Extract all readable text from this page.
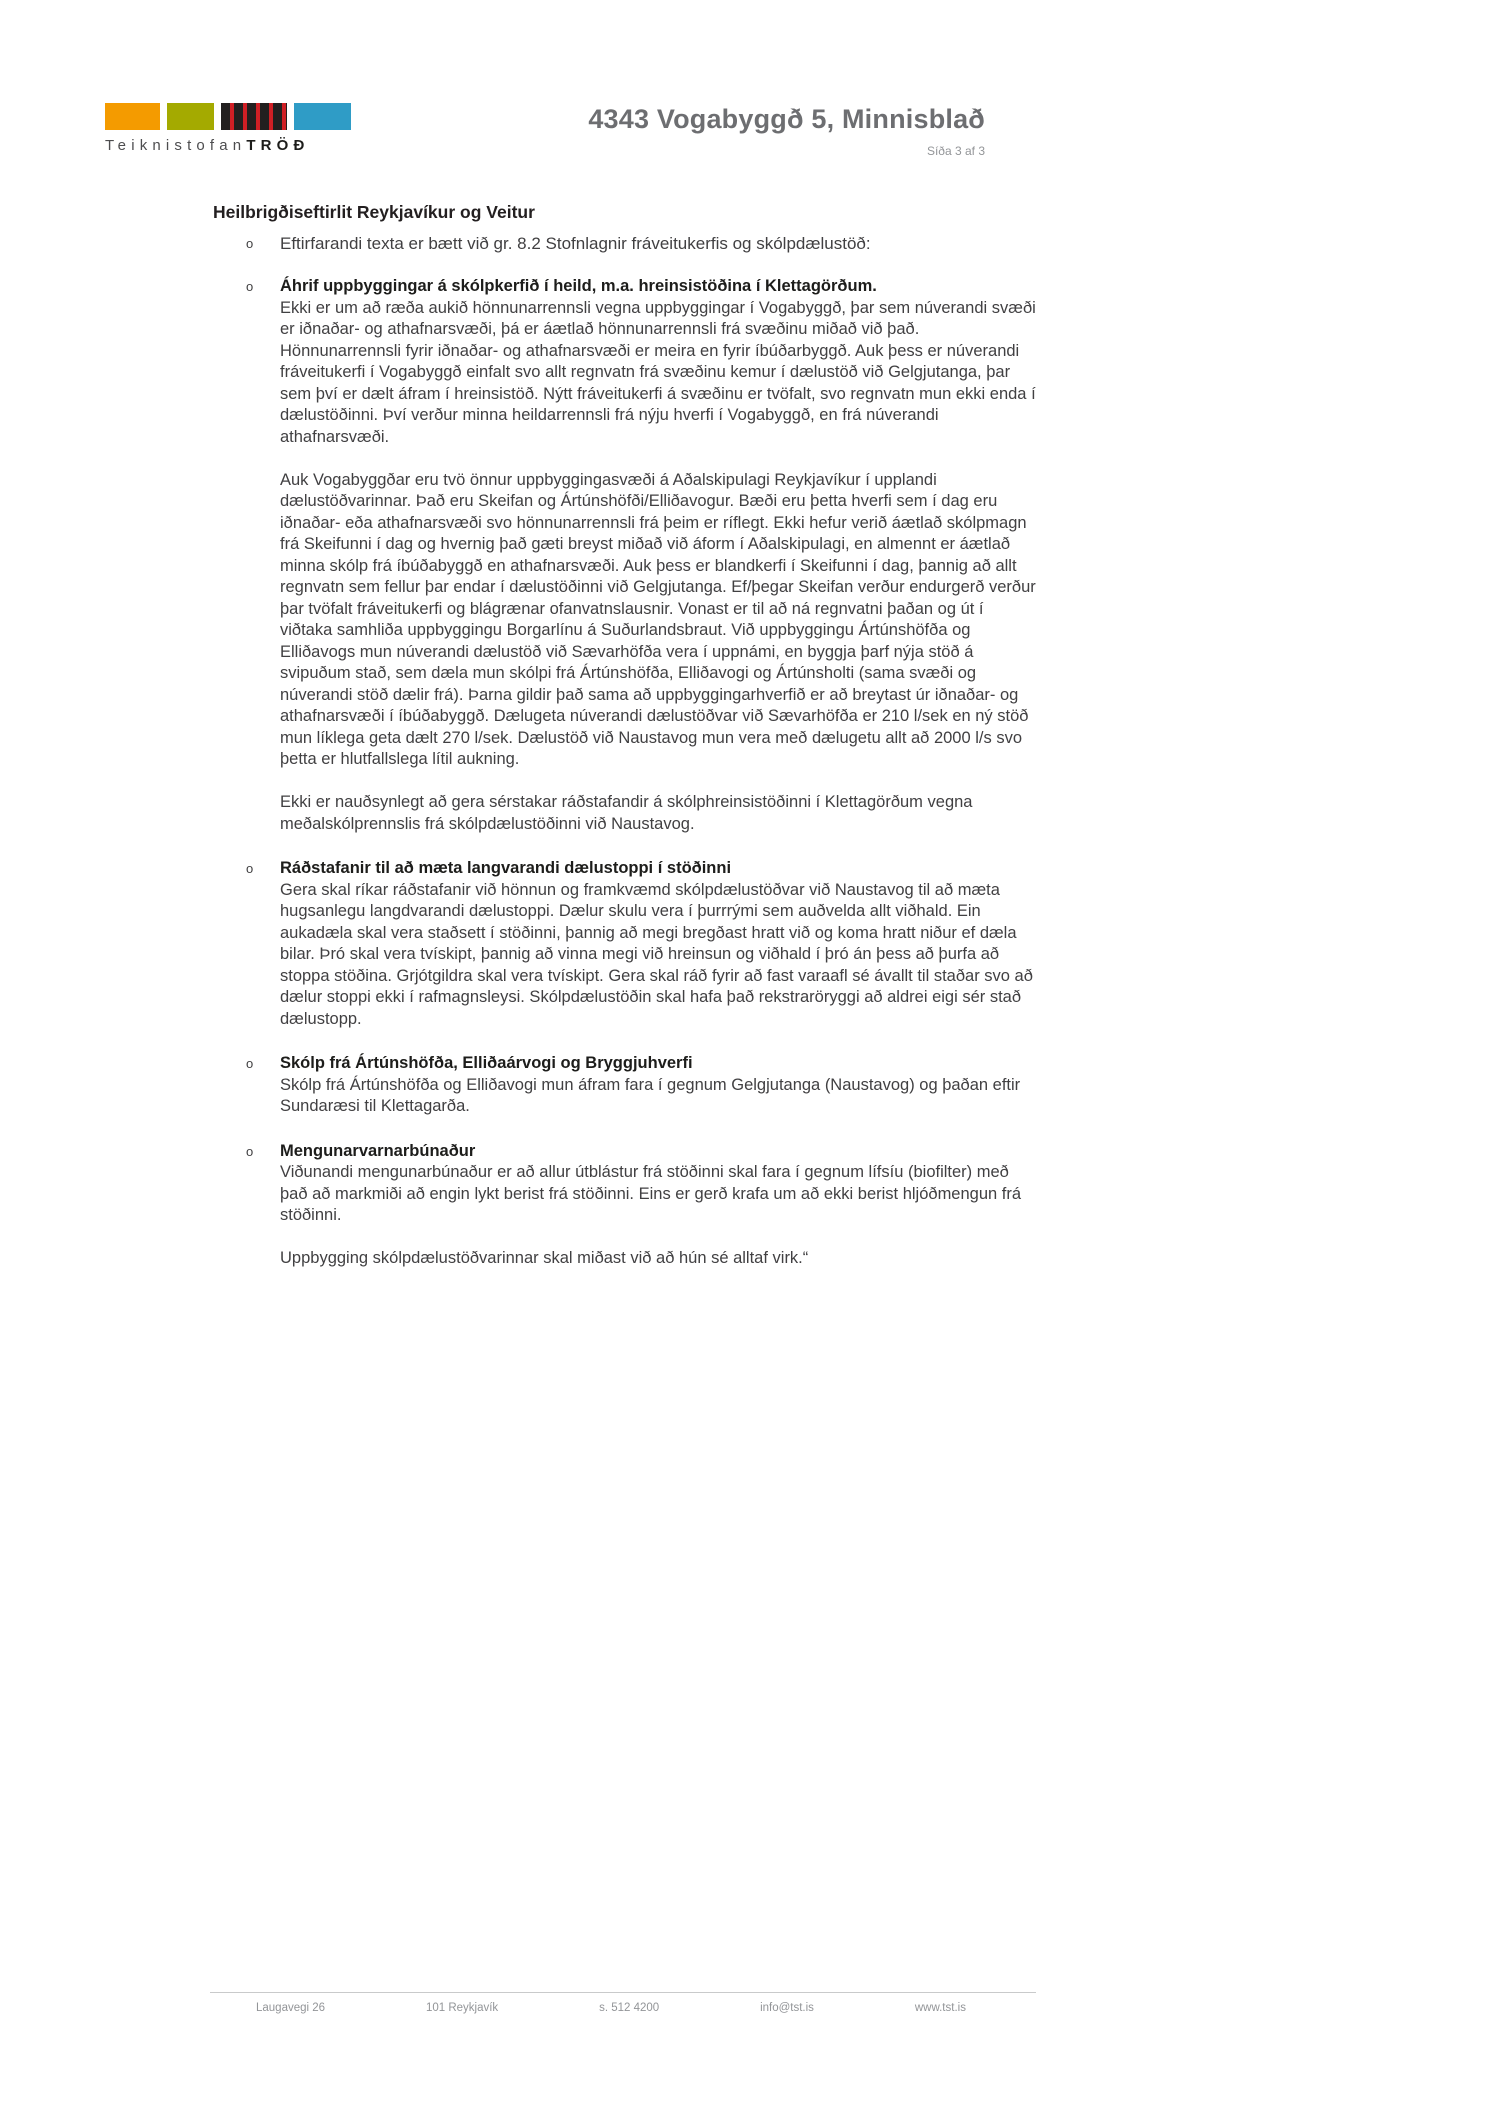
TeiknistofanTRÖÐ
4343 Vogabyggð 5, Minnisblað
Síða 3 af 3
Heilbrigðiseftirlit Reykjavíkur og Veitur
o	Eftirfarandi texta er bætt við gr. 8.2 Stofnlagnir fráveitukerfis og skólpdælustöð:
o	Áhrif uppbyggingar á skólpkerfið í heild, m.a. hreinsistöðina í Klettagörðum.

Ekki er um að ræða aukið hönnunarrennsli vegna uppbyggingar í Vogabyggð, þar sem núverandi svæði er iðnaðar- og athafnarsvæði, þá er áætlað hönnunarrennsli frá svæðinu miðað við það. Hönnunarrennsli fyrir iðnaðar- og athafnarsvæði er meira en fyrir íbúðarbyggð. Auk þess er núverandi fráveitukerfi í Vogabyggð einfalt svo allt regnvatn frá svæðinu kemur í dælustöð við Gelgjutanga, þar sem því er dælt áfram í hreinsistöð. Nýtt fráveitukerfi á svæðinu er tvöfalt, svo regnvatn mun ekki enda í dælustöðinni. Því verður minna heildarrennsli frá nýju hverfi í Vogabyggð, en frá núverandi athafnarsvæði.

Auk Vogabyggðar eru tvö önnur uppbyggingasvæði á Aðalskipulagi Reykjavíkur í upplandi dælustöðvarinnar. Það eru Skeifan og Ártúnshöfði/Elliðavogur. Bæði eru þetta hverfi sem í dag eru iðnaðar- eða athafnarsvæði svo hönnunarrennsli frá þeim er ríflegt. Ekki hefur verið áætlað skólpmagn frá Skeifunni í dag og hvernig það gæti breyst miðað við áform í Aðalskipulagi, en almennt er áætlað minna skólp frá íbúðabyggð en athafnarsvæði. Auk þess er blandkerfi í Skeifunni í dag, þannig að allt regnvatn sem fellur þar endar í dælustöðinni við Gelgjutanga. Ef/þegar Skeifan verður endurgerð verður þar tvöfalt fráveitukerfi og blágrænar ofanvatnslausnir. Vonast er til að ná regnvatni þaðan og út í viðtaka samhliða uppbyggingu Borgarlínu á Suðurlandsbraut. Við uppbyggingu Ártúnshöfða og Elliðavogs mun núverandi dælustöð við Sævarhöfða vera í uppnámi, en byggja þarf nýja stöð á svipuðum stað, sem dæla mun skólpi frá Ártúnshöfða, Elliðavogi og Ártúnsholti (sama svæði og núverandi stöð dælir frá). Þarna gildir það sama að uppbyggingarhverfið er að breytast úr iðnaðar- og athafnarsvæði í íbúðabyggð. Dælugeta núverandi dælustöðvar við Sævarhöfða er 210 l/sek en ný stöð mun líklega geta dælt 270 l/sek. Dælustöð við Naustavog mun vera með dælugetu allt að 2000 l/s svo þetta er hlutfallslega lítil aukning.

Ekki er nauðsynlegt að gera sérstakar ráðstafandir á skólphreinsistöðinni í Klettagörðum vegna meðalskólprennslis frá skólpdælustöðinni við Naustavog.

o	Ráðstafanir til að mæta langvarandi dælustoppi í stöðinni

Gera skal ríkar ráðstafanir við hönnun og framkvæmd skólpdælustöðvar við Naustavog til að mæta hugsanlegu langdvarandi dælustoppi. Dælur skulu vera í þurrrými sem auðvelda allt viðhald. Ein aukadæla skal vera staðsett í stöðinni, þannig að megi bregðast hratt við og koma hratt niður ef dæla bilar. Þró skal vera tvískipt, þannig að vinna megi við hreinsun og viðhald í þró án þess að þurfa að stoppa stöðina. Grjótgildra skal vera tvískipt. Gera skal ráð fyrir að fast varaafl sé ávallt til staðar svo að dælur stoppi ekki í rafmagnsleysi. Skólpdælustöðin skal hafa það rekstraröryggi að aldrei eigi sér stað dælustopp.

o	Skólp frá Ártúnshöfða, Elliðaárvogi og Bryggjuhverfi

Skólp frá Ártúnshöfða og Elliðavogi mun áfram fara í gegnum Gelgjutanga (Naustavog) og þaðan eftir Sundaræsi til Klettagarða.

o	Mengunarvarnarbúnaður

Viðunandi mengunarbúnaður er að allur útblástur frá stöðinni skal fara í gegnum lífsíu (biofilter) með það að markmiði að engin lykt berist frá stöðinni. Eins er gerð krafa um að ekki berist hljóðmengun frá stöðinni.

Uppbygging skólpdælustöðvarinnar skal miðast við að hún sé alltaf virk.“

Laugavegi 26	101 Reykjavík	s. 512 4200	info@tst.is	www.tst.is
